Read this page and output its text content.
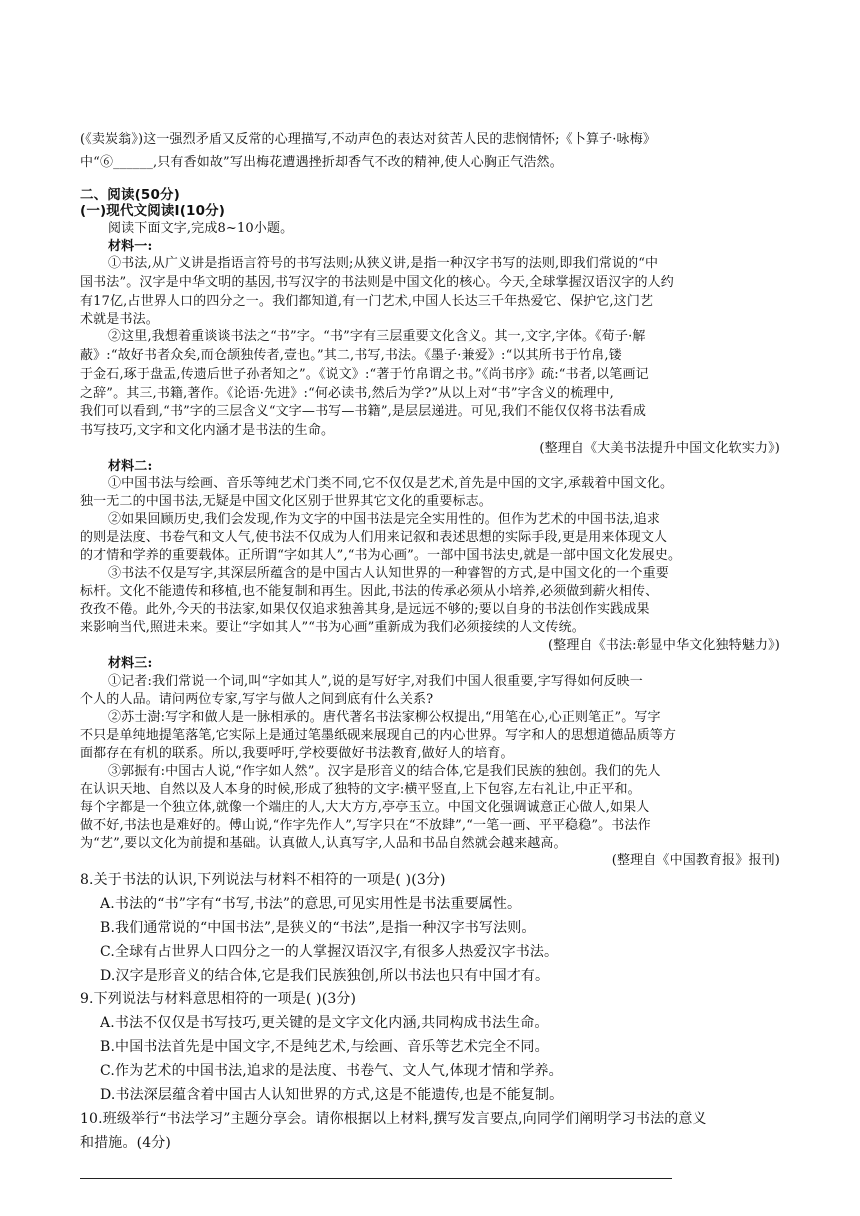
(《卖炭翁》)这一强烈矛盾又反常的心理描写,不动声色的表达对贫苦人民的悲悯情怀;《卜算子·咏梅》
中“⑥______,只有香如故”写出梅花遭遇挫折却香气不改的精神,使人心胸正气浩然。
二、阅读(50分)
(一)现代文阅读Ⅰ(10分)
阅读下面文字,完成8~10小题。
材料一:
①书法,从广义讲是指语言符号的书写法则;从狭义讲,是指一种汉字书写的法则,即我们常说的“中
国书法”。汉字是中华文明的基因,书写汉字的书法则是中国文化的核心。今天,全球掌握汉语汉字的人约
有17亿,占世界人口的四分之一。我们都知道,有一门艺术,中国人长达三千年热爱它、保护它,这门艺
术就是书法。
②这里,我想着重谈谈书法之“书”字。“书”字有三层重要文化含义。其一,文字,字体。《荀子·解
蔽》:“故好书者众矣,而仓颉独传者,壹也。”其二,书写,书法。《墨子·兼爱》:“以其所书于竹帛,镂
于金石,琢于盘盂,传遗后世子孙者知之”。《说文》:“著于竹帛谓之书。”《尚书序》疏:“书者,以笔画记
之辞”。其三,书籍,著作。《论语·先进》:“何必读书,然后为学?”从以上对“书”字含义的梳理中,
我们可以看到,“书”字的三层含义“文字—书写—书籍”,是层层递进。可见,我们不能仅仅将书法看成
书写技巧,文字和文化内涵才是书法的生命。
(整理自《大美书法提升中国文化软实力》)
材料二:
①中国书法与绘画、音乐等纯艺术门类不同,它不仅仅是艺术,首先是中国的文字,承载着中国文化。
独一无二的中国书法,无疑是中国文化区别于世界其它文化的重要标志。
②如果回顾历史,我们会发现,作为文字的中国书法是完全实用性的。但作为艺术的中国书法,追求
的则是法度、书卷气和文人气,使书法不仅成为人们用来记叙和表述思想的实际手段,更是用来体现文人
的才情和学养的重要载体。正所谓“字如其人”,“书为心画”。一部中国书法史,就是一部中国文化发展史。
③书法不仅是写字,其深层所蕴含的是中国古人认知世界的一种睿智的方式,是中国文化的一个重要
标杆。文化不能遗传和移植,也不能复制和再生。因此,书法的传承必须从小培养,必须做到薪火相传、
孜孜不倦。此外,今天的书法家,如果仅仅追求独善其身,是远远不够的;要以自身的书法创作实践成果
来影响当代,照进未来。要让“字如其人”“书为心画”重新成为我们必须接续的人文传统。
(整理自《书法:彰显中华文化独特魅力》)
材料三:
①记者:我们常说一个词,叫“字如其人”,说的是写好字,对我们中国人很重要,字写得如何反映一
个人的人品。请问两位专家,写字与做人之间到底有什么关系?
②苏士澍:写字和做人是一脉相承的。唐代著名书法家柳公权提出,“用笔在心,心正则笔正”。写字
不只是单纯地提笔落笔,它实际上是通过笔墨纸砚来展现自己的内心世界。写字和人的思想道德品质等方
面都存在有机的联系。所以,我要呼吁,学校要做好书法教育,做好人的培育。
③郭振有:中国古人说,“作字如人然”。汉字是形音义的结合体,它是我们民族的独创。我们的先人
在认识天地、自然以及人本身的时候,形成了独特的文字:横平竖直,上下包容,左右礼让,中正平和。
每个字都是一个独立体,就像一个端庄的人,大大方方,亭亭玉立。中国文化强调诚意正心做人,如果人
做不好,书法也是难好的。傅山说,“作字先作人”,写字只在“不放肆”,“一笔一画、平平稳稳”。书法作
为“艺”,要以文化为前提和基础。认真做人,认真写字,人品和书品自然就会越来越高。
(整理自《中国教育报》报刊)
8.关于书法的认识,下列说法与材料不相符的一项是( )(3分)
A.书法的“书”字有“书写,书法”的意思,可见实用性是书法重要属性。
B.我们通常说的“中国书法”,是狭义的“书法”,是指一种汉字书写法则。
C.全球有占世界人口四分之一的人掌握汉语汉字,有很多人热爱汉字书法。
D.汉字是形音义的结合体,它是我们民族独创,所以书法也只有中国才有。
9.下列说法与材料意思相符的一项是( )(3分)
A.书法不仅仅是书写技巧,更关键的是文字文化内涵,共同构成书法生命。
B.中国书法首先是中国文字,不是纯艺术,与绘画、音乐等艺术完全不同。
C.作为艺术的中国书法,追求的是法度、书卷气、文人气,体现才情和学养。
D.书法深层蕴含着中国古人认知世界的方式,这是不能遗传,也是不能复制。
10.班级举行“书法学习”主题分享会。请你根据以上材料,撰写发言要点,向同学们阐明学习书法的意义
和措施。(4分)
